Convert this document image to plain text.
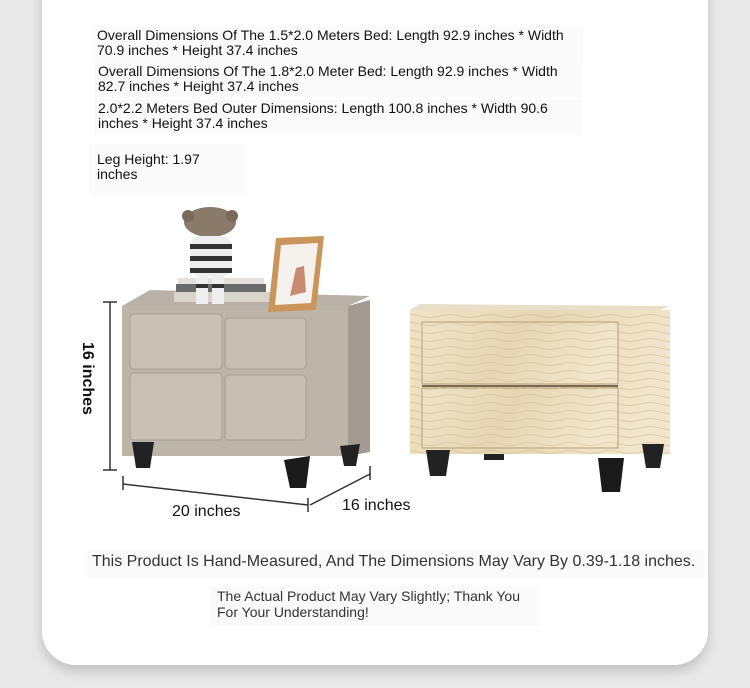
Overall Dimensions Of The 1.5*2.0 Meters Bed: Length 92.9 inches * Width 70.9 inches * Height 37.4 inches
Overall Dimensions Of The 1.8*2.0 Meter Bed: Length 92.9 inches * Width 82.7 inches * Height 37.4 inches
2.0*2.2 Meters Bed Outer Dimensions: Length 100.8 inches * Width 90.6 inches * Height 37.4 inches
Leg Height: 1.97 inches
16 inches
20 inches	16 inches
This Product Is Hand-Measured, And The Dimensions May Vary By 0.39-1.18 inches.
The Actual Product May Vary Slightly; Thank You For Your Understanding!
